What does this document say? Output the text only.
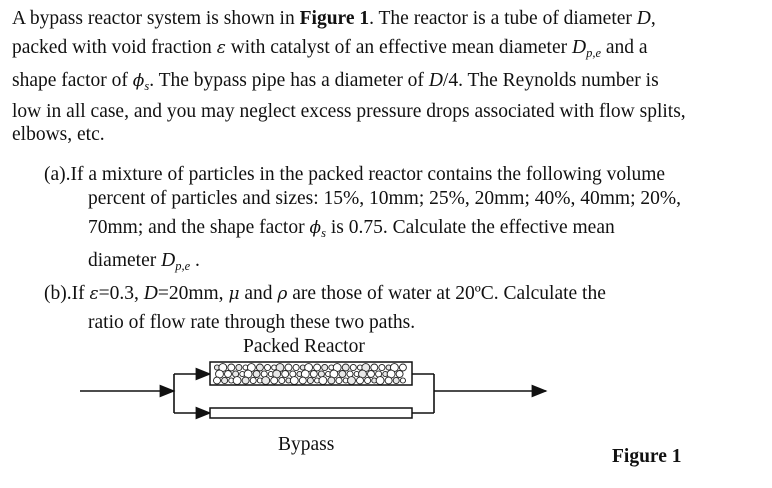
A bypass reactor system is shown in Figure 1. The reactor is a tube of diameter D,
packed with void fraction ε with catalyst of an effective mean diameter $D_{p,e}$ and a
shape factor of $\phi_s$. The bypass pipe has a diameter of D/4. The Reynolds number is
low in all case, and you may neglect excess pressure drops associated with flow splits,
elbows, etc.
(a).If a mixture of particles in the packed reactor contains the following volume
percent of particles and sizes: 15%, 10mm; 25%, 20mm; 40%, 40mm; 20%,
70mm; and the shape factor $\phi_s$ is 0.75. Calculate the effective mean
diameter $D_{p,e}$ .
(b).If ε=0.3, D=20mm, μ and ρ are those of water at 20ºC. Calculate the
ratio of flow rate through these two paths.
Packed Reactor
Bypass
Figure 1
